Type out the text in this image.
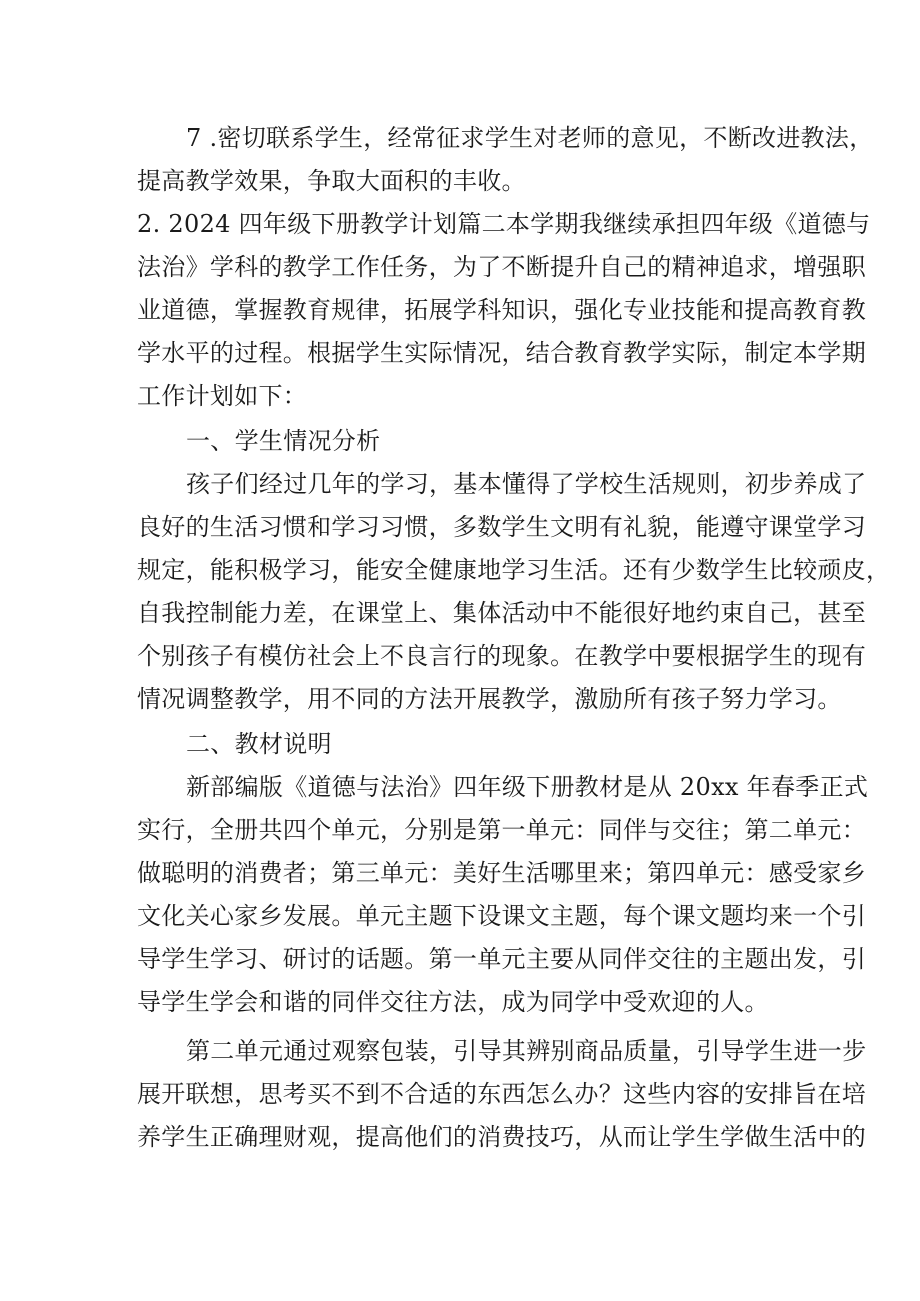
7 .密切联系学生，经常征求学生对老师的意见，不断改进教法，
提高教学效果，争取大面积的丰收。
2. 2024 四年级下册教学计划篇二本学期我继续承担四年级《道德与
法治》学科的教学工作任务，为了不断提升自己的精神追求，增强职
业道德，掌握教育规律，拓展学科知识，强化专业技能和提高教育教
学水平的过程。根据学生实际情况，结合教育教学实际，制定本学期
工作计划如下：
一、学生情况分析
孩子们经过几年的学习，基本懂得了学校生活规则，初步养成了
良好的生活习惯和学习习惯，多数学生文明有礼貌，能遵守课堂学习
规定，能积极学习，能安全健康地学习生活。还有少数学生比较顽皮，
自我控制能力差，在课堂上、集体活动中不能很好地约束自己，甚至
个别孩子有模仿社会上不良言行的现象。在教学中要根据学生的现有
情况调整教学，用不同的方法开展教学，激励所有孩子努力学习。
二、教材说明
新部编版《道德与法治》四年级下册教材是从 20xx 年春季正式
实行，全册共四个单元，分别是第一单元：同伴与交往；第二单元：
做聪明的消费者；第三单元：美好生活哪里来；第四单元：感受家乡
文化关心家乡发展。单元主题下设课文主题，每个课文题均来一个引
导学生学习、研讨的话题。第一单元主要从同伴交往的主题出发，引
导学生学会和谐的同伴交往方法，成为同学中受欢迎的人。
第二单元通过观察包装，引导其辨别商品质量，引导学生进一步
展开联想，思考买不到不合适的东西怎么办？这些内容的安排旨在培
养学生正确理财观，提高他们的消费技巧，从而让学生学做生活中的
